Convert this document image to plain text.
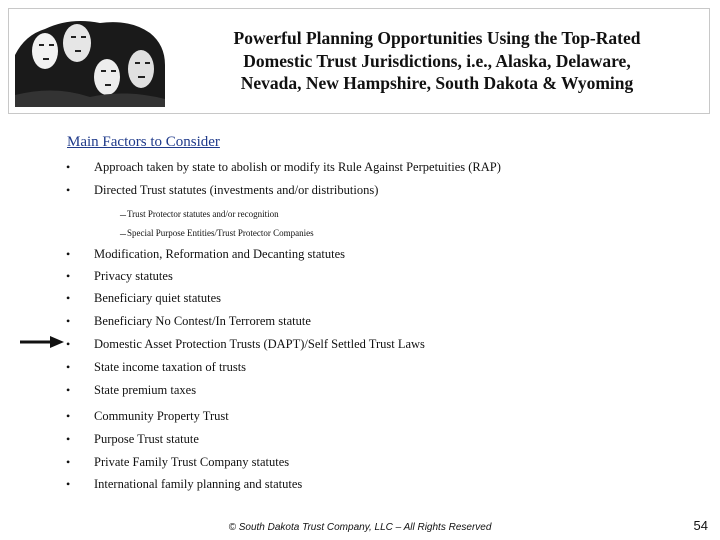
Powerful Planning Opportunities Using the Top-Rated
Domestic Trust Jurisdictions, i.e., Alaska, Delaware,
Nevada, New Hampshire, South Dakota & Wyoming
Main Factors to Consider
• Approach taken by state to abolish or modify its Rule Against Perpetuities (RAP)
• Directed Trust statutes (investments and/or distributions)
– Trust Protector statutes and/or recognition
– Special Purpose Entities/Trust Protector Companies
• Modification, Reformation and Decanting statutes
• Privacy statutes
• Beneficiary quiet statutes
• Beneficiary No Contest/In Terrorem statute
• Domestic Asset Protection Trusts (DAPT)/Self Settled Trust Laws
• State income taxation of trusts
• State premium taxes
• Community Property Trust
• Purpose Trust statute
• Private Family Trust Company statutes
• International family planning and statutes
© South Dakota Trust Company, LLC – All Rights Reserved	54
